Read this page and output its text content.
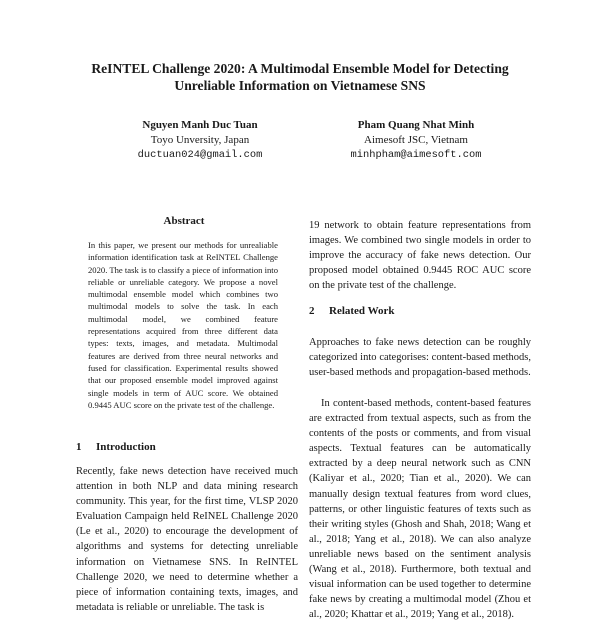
ReINTEL Challenge 2020: A Multimodal Ensemble Model for Detecting
Unreliable Information on Vietnamese SNS
Nguyen Manh Duc Tuan
Toyo Unversity, Japan
ductuan024@gmail.com
Pham Quang Nhat Minh
Aimesoft JSC, Vietnam
minhpham@aimesoft.com
Abstract

In this paper, we present our methods for unrealiable information identification task at ReINTEL Challenge 2020. The task is to classify a piece of information into reliable or unreliable category. We propose a novel multimodal ensemble model which combines two multimodal models to solve the task. In each multimodal model, we combined feature representations acquired from three different data types: texts, images, and metadata. Multimodal features are derived from three neural networks and fused for classification. Experimental results showed that our proposed ensemble model improved against single models in term of AUC score. We obtained 0.9445 AUC score on the private test of the challenge.

1 Introduction

Recently, fake news detection have received much attention in both NLP and data mining research community. This year, for the first time, VLSP 2020 Evaluation Campaign held ReINEL Challenge 2020 (Le et al., 2020) to encourage the development of algorithms and systems for detecting unreliable information on Vietnamese SNS. In ReINTEL Challenge 2020, we need to determine whether a piece of information containing texts, images, and metadata is reliable or unreliable. The task is

19 network to obtain feature representations from images. We combined two single models in order to improve the accuracy of fake news detection. Our proposed model obtained 0.9445 ROC AUC score on the private test of the challenge.

2 Related Work

Approaches to fake news detection can be roughly categorized into categorises: content-based methods, user-based methods and propagation-based methods.

In content-based methods, content-based features are extracted from textual aspects, such as from the contents of the posts or comments, and from visual aspects. Textual features can be automatically extracted by a deep neural network such as CNN (Kaliyar et al., 2020; Tian et al., 2020). We can manually design textual features from word clues, patterns, or other linguistic features of texts such as their writing styles (Ghosh and Shah, 2018; Wang et al., 2018; Yang et al., 2018). We can also analyze unreliable news based on the sentiment analysis (Wang et al., 2018). Furthermore, both textual and visual information can be used together to determine fake news by creating a multimodal model (Zhou et al., 2020; Khattar et al., 2019; Yang et al., 2018).
